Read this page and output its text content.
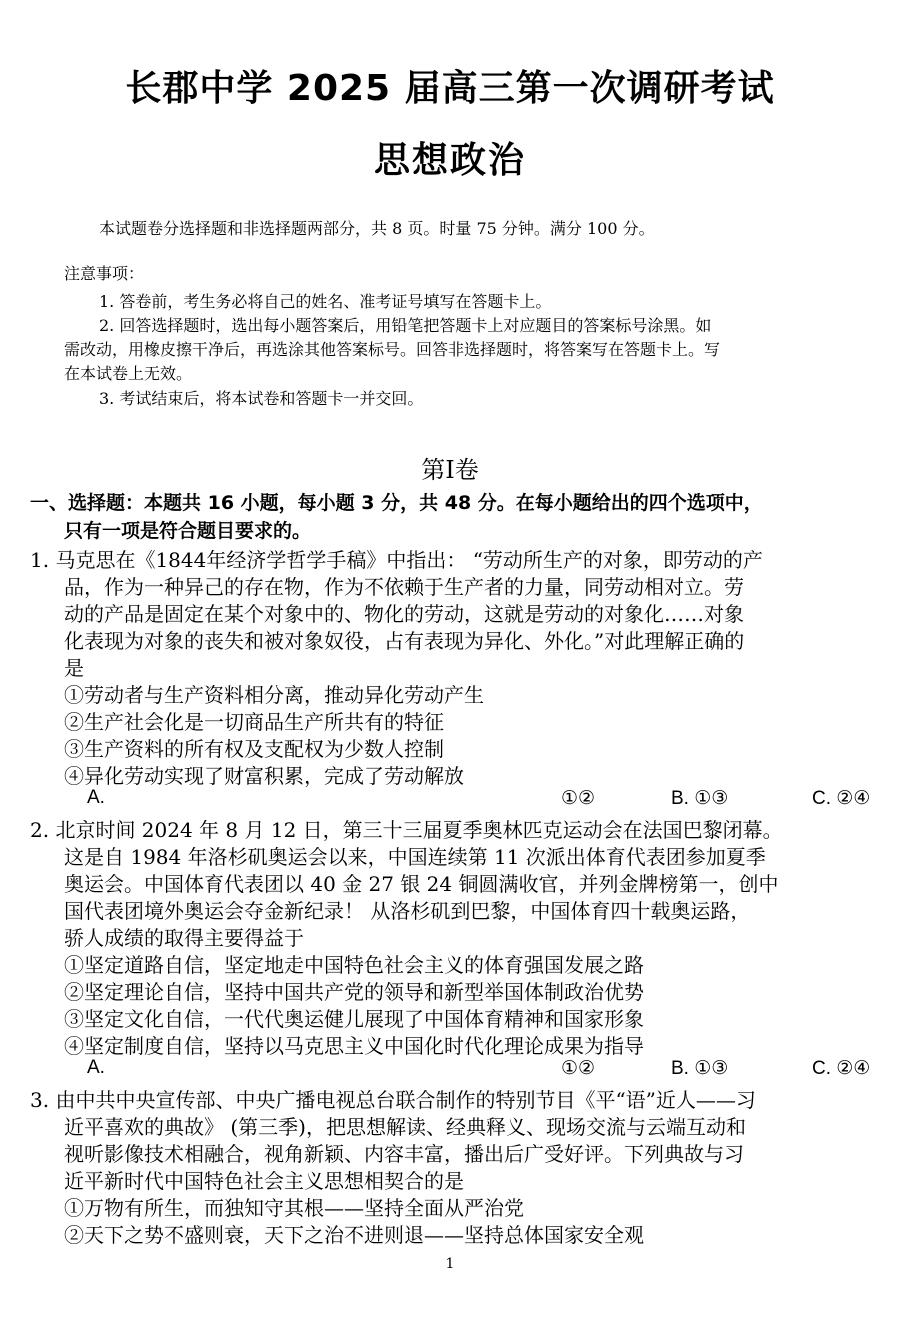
长郡中学 2025 届高三第一次调研考试
思想政治
本试题卷分选择题和非选择题两部分，共 8 页。时量 75 分钟。满分 100 分。
注意事项：
1. 答卷前，考生务必将自己的姓名、准考证号填写在答题卡上。
2. 回答选择题时，选出每小题答案后，用铅笔把答题卡上对应题目的答案标号涂黑。如
需改动，用橡皮擦干净后，再选涂其他答案标号。回答非选择题时，将答案写在答题卡上。写
在本试卷上无效。
3. 考试结束后，将本试卷和答题卡一并交回。
第Ⅰ卷
一、选择题：本题共 16 小题，每小题 3 分，共 48 分。在每小题给出的四个选项中，
只有一项是符合题目要求的。
1. 马克思在《1844年经济学哲学手稿》中指出： “劳动所生产的对象，即劳动的产
品，作为一种异己的存在物，作为不依赖于生产者的力量，同劳动相对立。劳
动的产品是固定在某个对象中的、物化的劳动，这就是劳动的对象化……对象
化表现为对象的丧失和被对象奴役，占有表现为异化、外化。”对此理解正确的
是
①劳动者与生产资料相分离，推动异化劳动产生
②生产社会化是一切商品生产所共有的特征
③生产资料的所有权及支配权为少数人控制
④异化劳动实现了财富积累，完成了劳动解放
A.	①②	B. ①③	C. ②④
2. 北京时间 2024 年 8 月 12 日，第三十三届夏季奥林匹克运动会在法国巴黎闭幕。
这是自 1984 年洛杉矶奥运会以来，中国连续第 11 次派出体育代表团参加夏季
奥运会。中国体育代表团以 40 金 27 银 24 铜圆满收官，并列金牌榜第一，创中
国代表团境外奥运会夺金新纪录！ 从洛杉矶到巴黎，中国体育四十载奥运路，
骄人成绩的取得主要得益于
①坚定道路自信，坚定地走中国特色社会主义的体育强国发展之路
②坚定理论自信，坚持中国共产党的领导和新型举国体制政治优势
③坚定文化自信，一代代奥运健儿展现了中国体育精神和国家形象
④坚定制度自信，坚持以马克思主义中国化时代化理论成果为指导
A.	①②	B. ①③	C. ②④
3. 由中共中央宣传部、中央广播电视总台联合制作的特别节目《平“语”近人——习
近平喜欢的典故》 (第三季)，把思想解读、经典释义、现场交流与云端互动和
视听影像技术相融合，视角新颖、内容丰富，播出后广受好评。下列典故与习
近平新时代中国特色社会主义思想相契合的是
①万物有所生，而独知守其根——坚持全面从严治党
②天下之势不盛则衰，天下之治不进则退——坚持总体国家安全观
1
